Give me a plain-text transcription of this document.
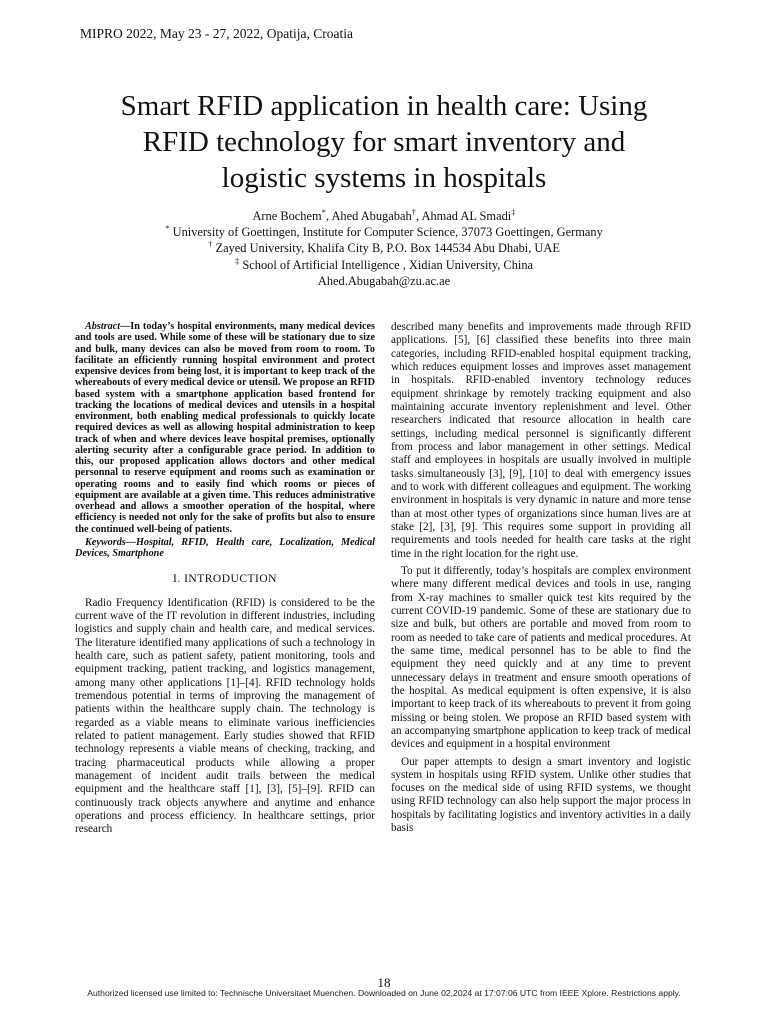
MIPRO 2022, May 23 - 27, 2022, Opatija, Croatia
Smart RFID application in health care: Using
RFID technology for smart inventory and
logistic systems in hospitals
Arne Bochem*, Ahed Abugabah†, Ahmad AL Smadi‡
* University of Goettingen, Institute for Computer Science, 37073 Goettingen, Germany
† Zayed University, Khalifa City B, P.O. Box 144534 Abu Dhabi, UAE
‡ School of Artificial Intelligence , Xidian University, China
Ahed.Abugabah@zu.ac.ae
Abstract—In today’s hospital environments, many medical devices and tools are used. While some of these will be stationary due to size and bulk, many devices can also be moved from room to room. To facilitate an efficiently running hospital environment and protect expensive devices from being lost, it is important to keep track of the whereabouts of every medical device or utensil. We propose an RFID based system with a smartphone application based frontend for tracking the locations of medical devices and utensils in a hospital environment, both enabling medical professionals to quickly locate required devices as well as allowing hospital administration to keep track of when and where devices leave hospital premises, optionally alerting security after a configurable grace period. In addition to this, our proposed application allows doctors and other medical personnal to reserve equipment and rooms such as examination or operating rooms and to easily find which rooms or pieces of equipment are available at a given time. This reduces administrative overhead and allows a smoother operation of the hospital, where efficiency is needed not only for the sake of profits but also to ensure the continued well-being of patients.
Keywords—Hospital, RFID, Health care, Localization, Medical Devices, Smartphone
I. INTRODUCTION

Radio Frequency Identification (RFID) is considered to be the current wave of the IT revolution in different industries, including logistics and supply chain and health care, and medical services. The literature identified many applications of such a technology in health care, such as patient safety, patient monitoring, tools and equipment tracking, patient tracking, and logistics management, among many other applications [1]–[4]. RFID technology holds tremendous potential in terms of improving the management of patients within the healthcare supply chain. The technology is regarded as a viable means to eliminate various inefficiencies related to patient management. Early studies showed that RFID technology represents a viable means of checking, tracking, and tracing pharmaceutical products while allowing a proper management of incident audit trails between the medical equipment and the healthcare staff [1], [3], [5]–[9]. RFID can continuously track objects anywhere and anytime and enhance operations and process efficiency. In healthcare settings, prior research

described many benefits and improvements made through RFID applications. [5], [6] classified these benefits into three main categories, including RFID-enabled hospital equipment tracking, which reduces equipment losses and improves asset management in hospitals. RFID-enabled inventory technology reduces equipment shrinkage by remotely tracking equipment and also maintaining accurate inventory replenishment and level. Other researchers indicated that resource allocation in health care settings, including medical personnel is significantly different from process and labor management in other settings. Medical staff and employees in hospitals are usually involved in multiple tasks simultaneously [3], [9], [10] to deal with emergency issues and to work with different colleagues and equipment. The working environment in hospitals is very dynamic in nature and more tense than at most other types of organizations since human lives are at stake [2], [3], [9]. This requires some support in providing all requirements and tools needed for health care tasks at the right time in the right location for the right use.

To put it differently, today’s hospitals are complex environment where many different medical devices and tools in use, ranging from X-ray machines to smaller quick test kits required by the current COVID-19 pandemic. Some of these are stationary due to size and bulk, but others are portable and moved from room to room as needed to take care of patients and medical procedures. At the same time, medical personnel has to be able to find the equipment they need quickly and at any time to prevent unnecessary delays in treatment and ensure smooth operations of the hospital. As medical equipment is often expensive, it is also important to keep track of its whereabouts to prevent it from going missing or being stolen. We propose an RFID based system with an accompanying smartphone application to keep track of medical devices and equipment in a hospital environment

Our paper attempts to design a smart inventory and logistic system in hospitals using RFID system. Unlike other studies that focuses on the medical side of using RFID systems, we thought using RFID technology can also help support the major process in hospitals by facilitating logistics and inventory activities in a daily basis

18
Authorized licensed use limited to: Technische Universitaet Muenchen. Downloaded on June 02,2024 at 17:07:06 UTC from IEEE Xplore. Restrictions apply.
